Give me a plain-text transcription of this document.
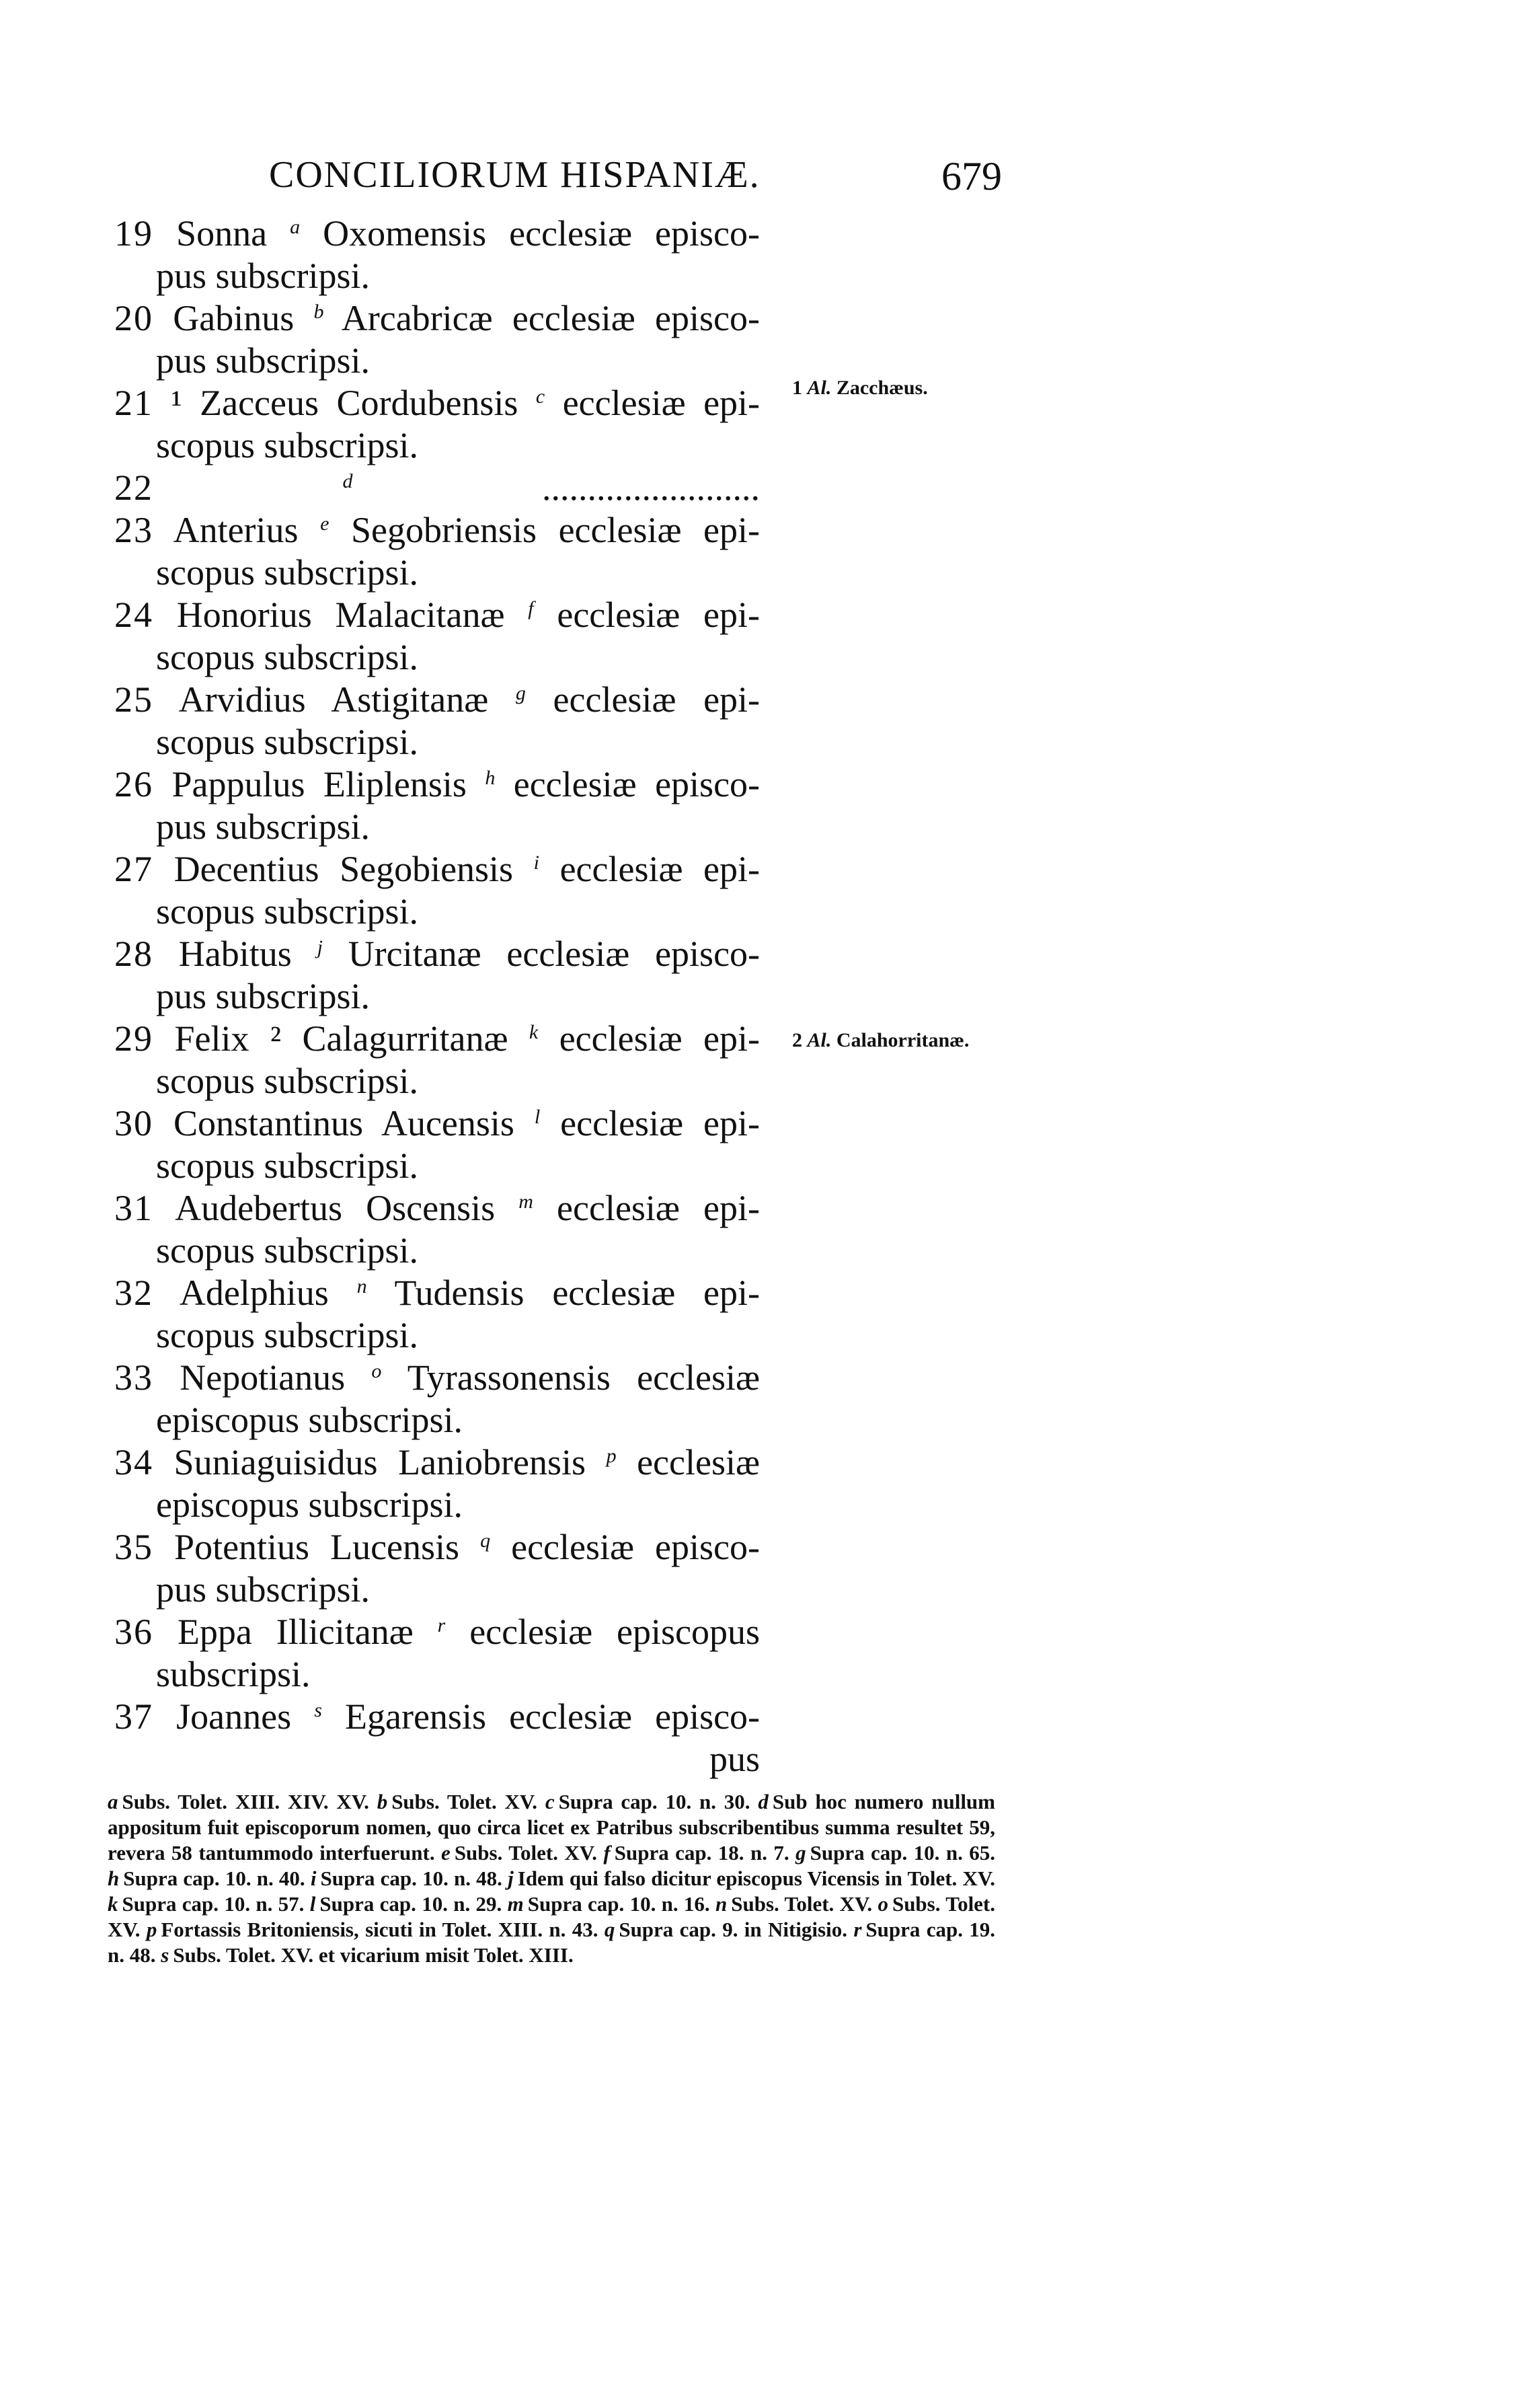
CONCILIORUM HISPANIÆ.	679
19 Sonna $^a$ Oxomensis ecclesiæ episco-
pus subscripsi.
20 Gabinus $^b$ Arcabricæ ecclesiæ episco-
pus subscripsi.
21 ¹ Zacceus Cordubensis $^c$ ecclesiæ epi-
scopus subscripsi.
22	$^d$	........................
23 Anterius $^e$ Segobriensis ecclesiæ epi-
scopus subscripsi.
24 Honorius Malacitanæ $^f$ ecclesiæ epi-
scopus subscripsi.
25 Arvidius Astigitanæ $^g$ ecclesiæ epi-
scopus subscripsi.
26 Pappulus Eliplensis $^h$ ecclesiæ episco-
pus subscripsi.
27 Decentius Segobiensis $^i$ ecclesiæ epi-
scopus subscripsi.
28 Habitus $^j$ Urcitanæ ecclesiæ episco-
pus subscripsi.
29 Felix ² Calagurritanæ $^k$ ecclesiæ epi-
scopus subscripsi.
30 Constantinus Aucensis $^l$ ecclesiæ epi-
scopus subscripsi.
31 Audebertus Oscensis $^m$ ecclesiæ epi-
scopus subscripsi.
32 Adelphius $^n$ Tudensis ecclesiæ epi-
scopus subscripsi.
33 Nepotianus $^o$ Tyrassonensis ecclesiæ
episcopus subscripsi.
34 Suniaguisidus Laniobrensis $^p$ ecclesiæ
episcopus subscripsi.
35 Potentius Lucensis $^q$ ecclesiæ episco-
pus subscripsi.
36 Eppa Illicitanæ $^r$ ecclesiæ episcopus
subscripsi.
37 Joannes $^s$ Egarensis ecclesiæ episco-
pus
1 Al. Zacchæus.
2 Al. Calahorritanæ.
a Subs. Tolet. XIII. XIV. XV. b Subs. Tolet. XV. c Supra cap. 10. n. 30. d Sub hoc numero nullum appositum fuit episcoporum nomen, quo circa licet ex Patribus subscribentibus summa resultet 59, revera 58 tantummodo interfuerunt. e Subs. Tolet. XV. f Supra cap. 18. n. 7. g Supra cap. 10. n. 65. h Supra cap. 10. n. 40. i Supra cap. 10. n. 48. j Idem qui falso dicitur episcopus Vicensis in Tolet. XV. k Supra cap. 10. n. 57. l Supra cap. 10. n. 29. m Supra cap. 10. n. 16. n Subs. Tolet. XV. o Subs. Tolet. XV. p Fortassis Britoniensis, sicuti in Tolet. XIII. n. 43. q Supra cap. 9. in Nitigisio. r Supra cap. 19. n. 48. s Subs. Tolet. XV. et vicarium misit Tolet. XIII.
